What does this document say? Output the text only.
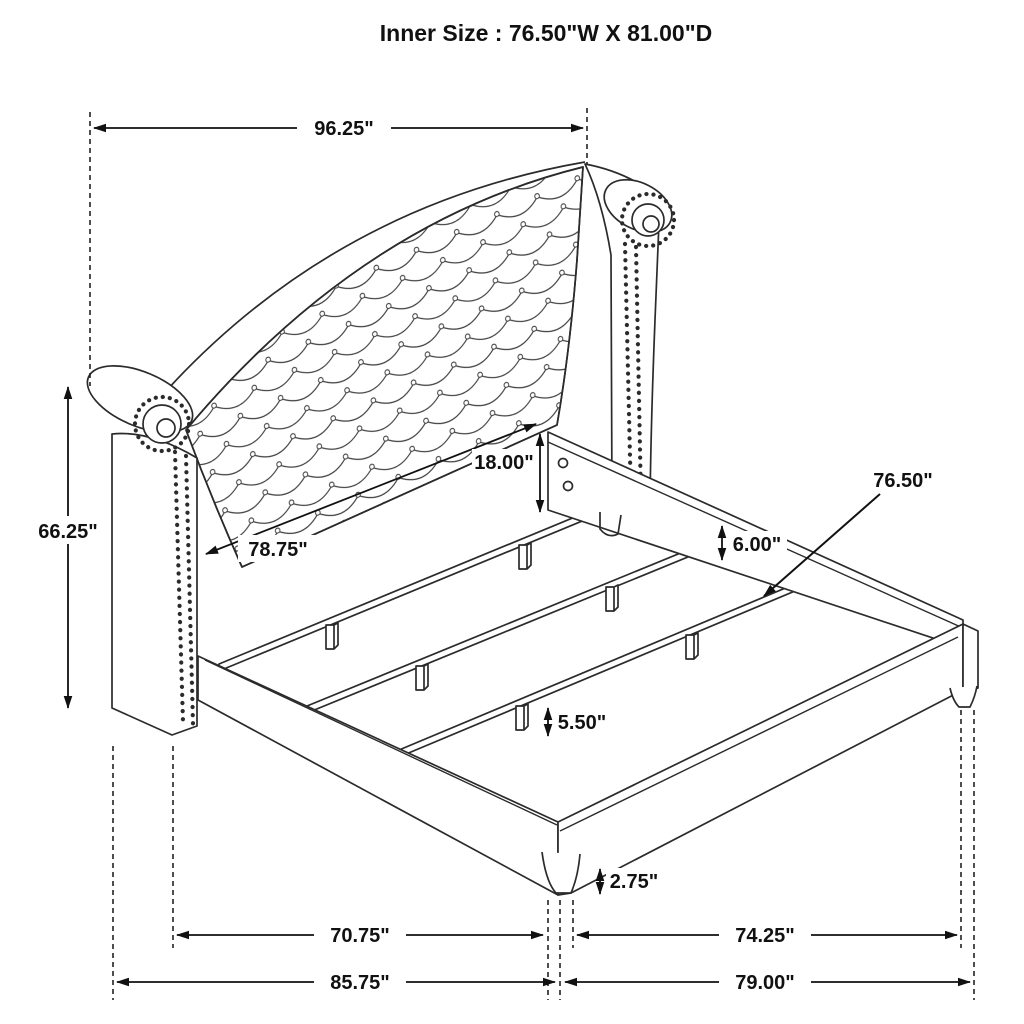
96.25"
66.25"
78.75"
18.00"
6.00"
76.50"
5.50"
2.75"
70.75"	74.25"
85.75"	79.00"
Inner Size : 76.50"W X 81.00"D
